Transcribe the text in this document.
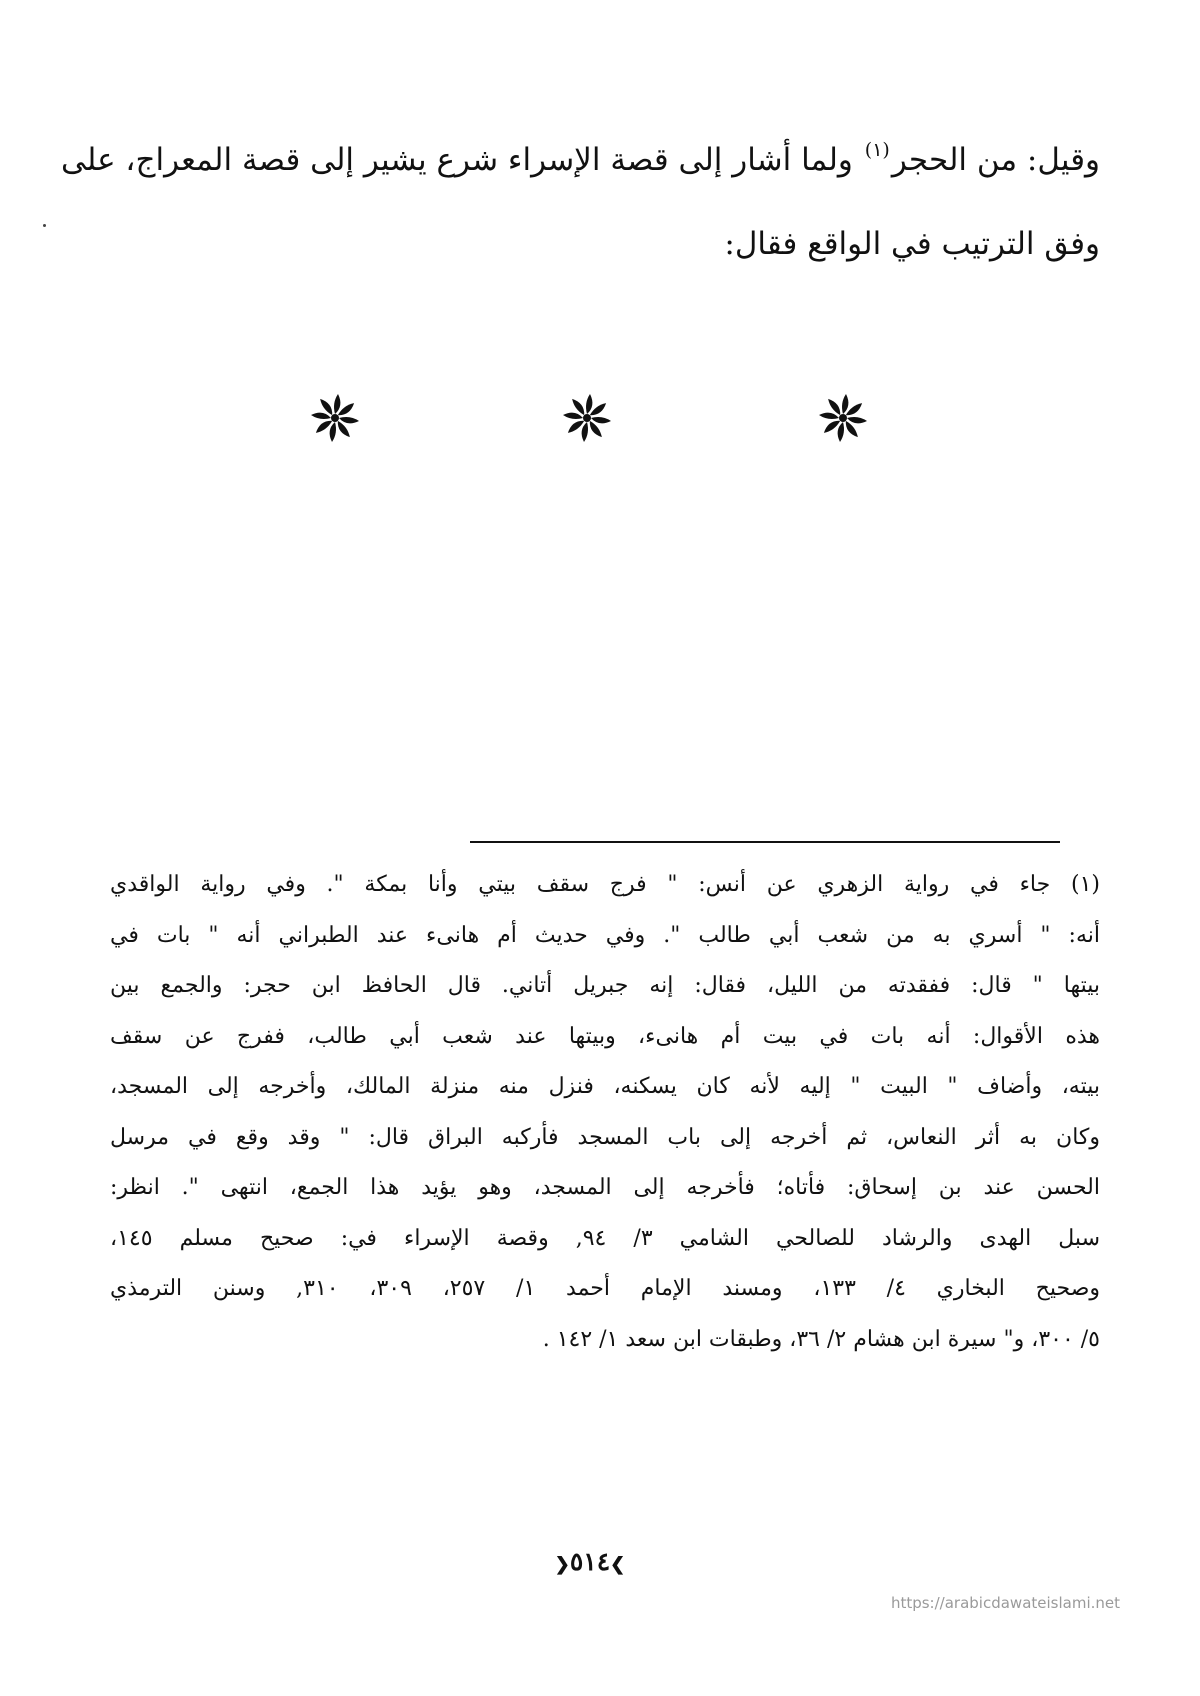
وقيل: من الحجر$^{(١)}$ ولما أشار إلى قصة الإسراء شرع يشير إلى قصة المعراج، على
وفق الترتيب في الواقع فقال:
(١) جاء في رواية الزهري عن أنس: " فرج سقف بيتي وأنا بمكة ". وفي رواية الواقدي
أنه: " أسري به من شعب أبي طالب ". وفي حديث أم هانىء عند الطبراني أنه " بات في
بيتها " قال: ففقدته من الليل، فقال: إنه جبريل أتاني. قال الحافظ ابن حجر: والجمع بين
هذه الأقوال: أنه بات في بيت أم هانىء، وبيتها عند شعب أبي طالب، ففرج عن سقف
بيته، وأضاف " البيت " إليه لأنه كان يسكنه، فنزل منه منزلة المالك، وأخرجه إلى المسجد،
وكان به أثر النعاس، ثم أخرجه إلى باب المسجد فأركبه البراق قال: " وقد وقع في مرسل
الحسن عند بن إسحاق: فأتاه؛ فأخرجه إلى المسجد، وهو يؤيد هذا الجمع، انتهى ". انظر:
سبل الهدى والرشاد للصالحي الشامي ٣/ ٩٤, وقصة الإسراء في: صحيح مسلم ١٤٥،
وصحيح البخاري ٤/ ١٣٣، ومسند الإمام أحمد ١/ ٢٥٧، ٣٠٩، ٣١٠, وسنن الترمذي
٥/ ٣٠٠، و" سيرة ابن هشام ٢/ ٣٦، وطبقات ابن سعد ١/ ١٤٢ .
❯٥١٤❮
https://arabicdawateislami.net
